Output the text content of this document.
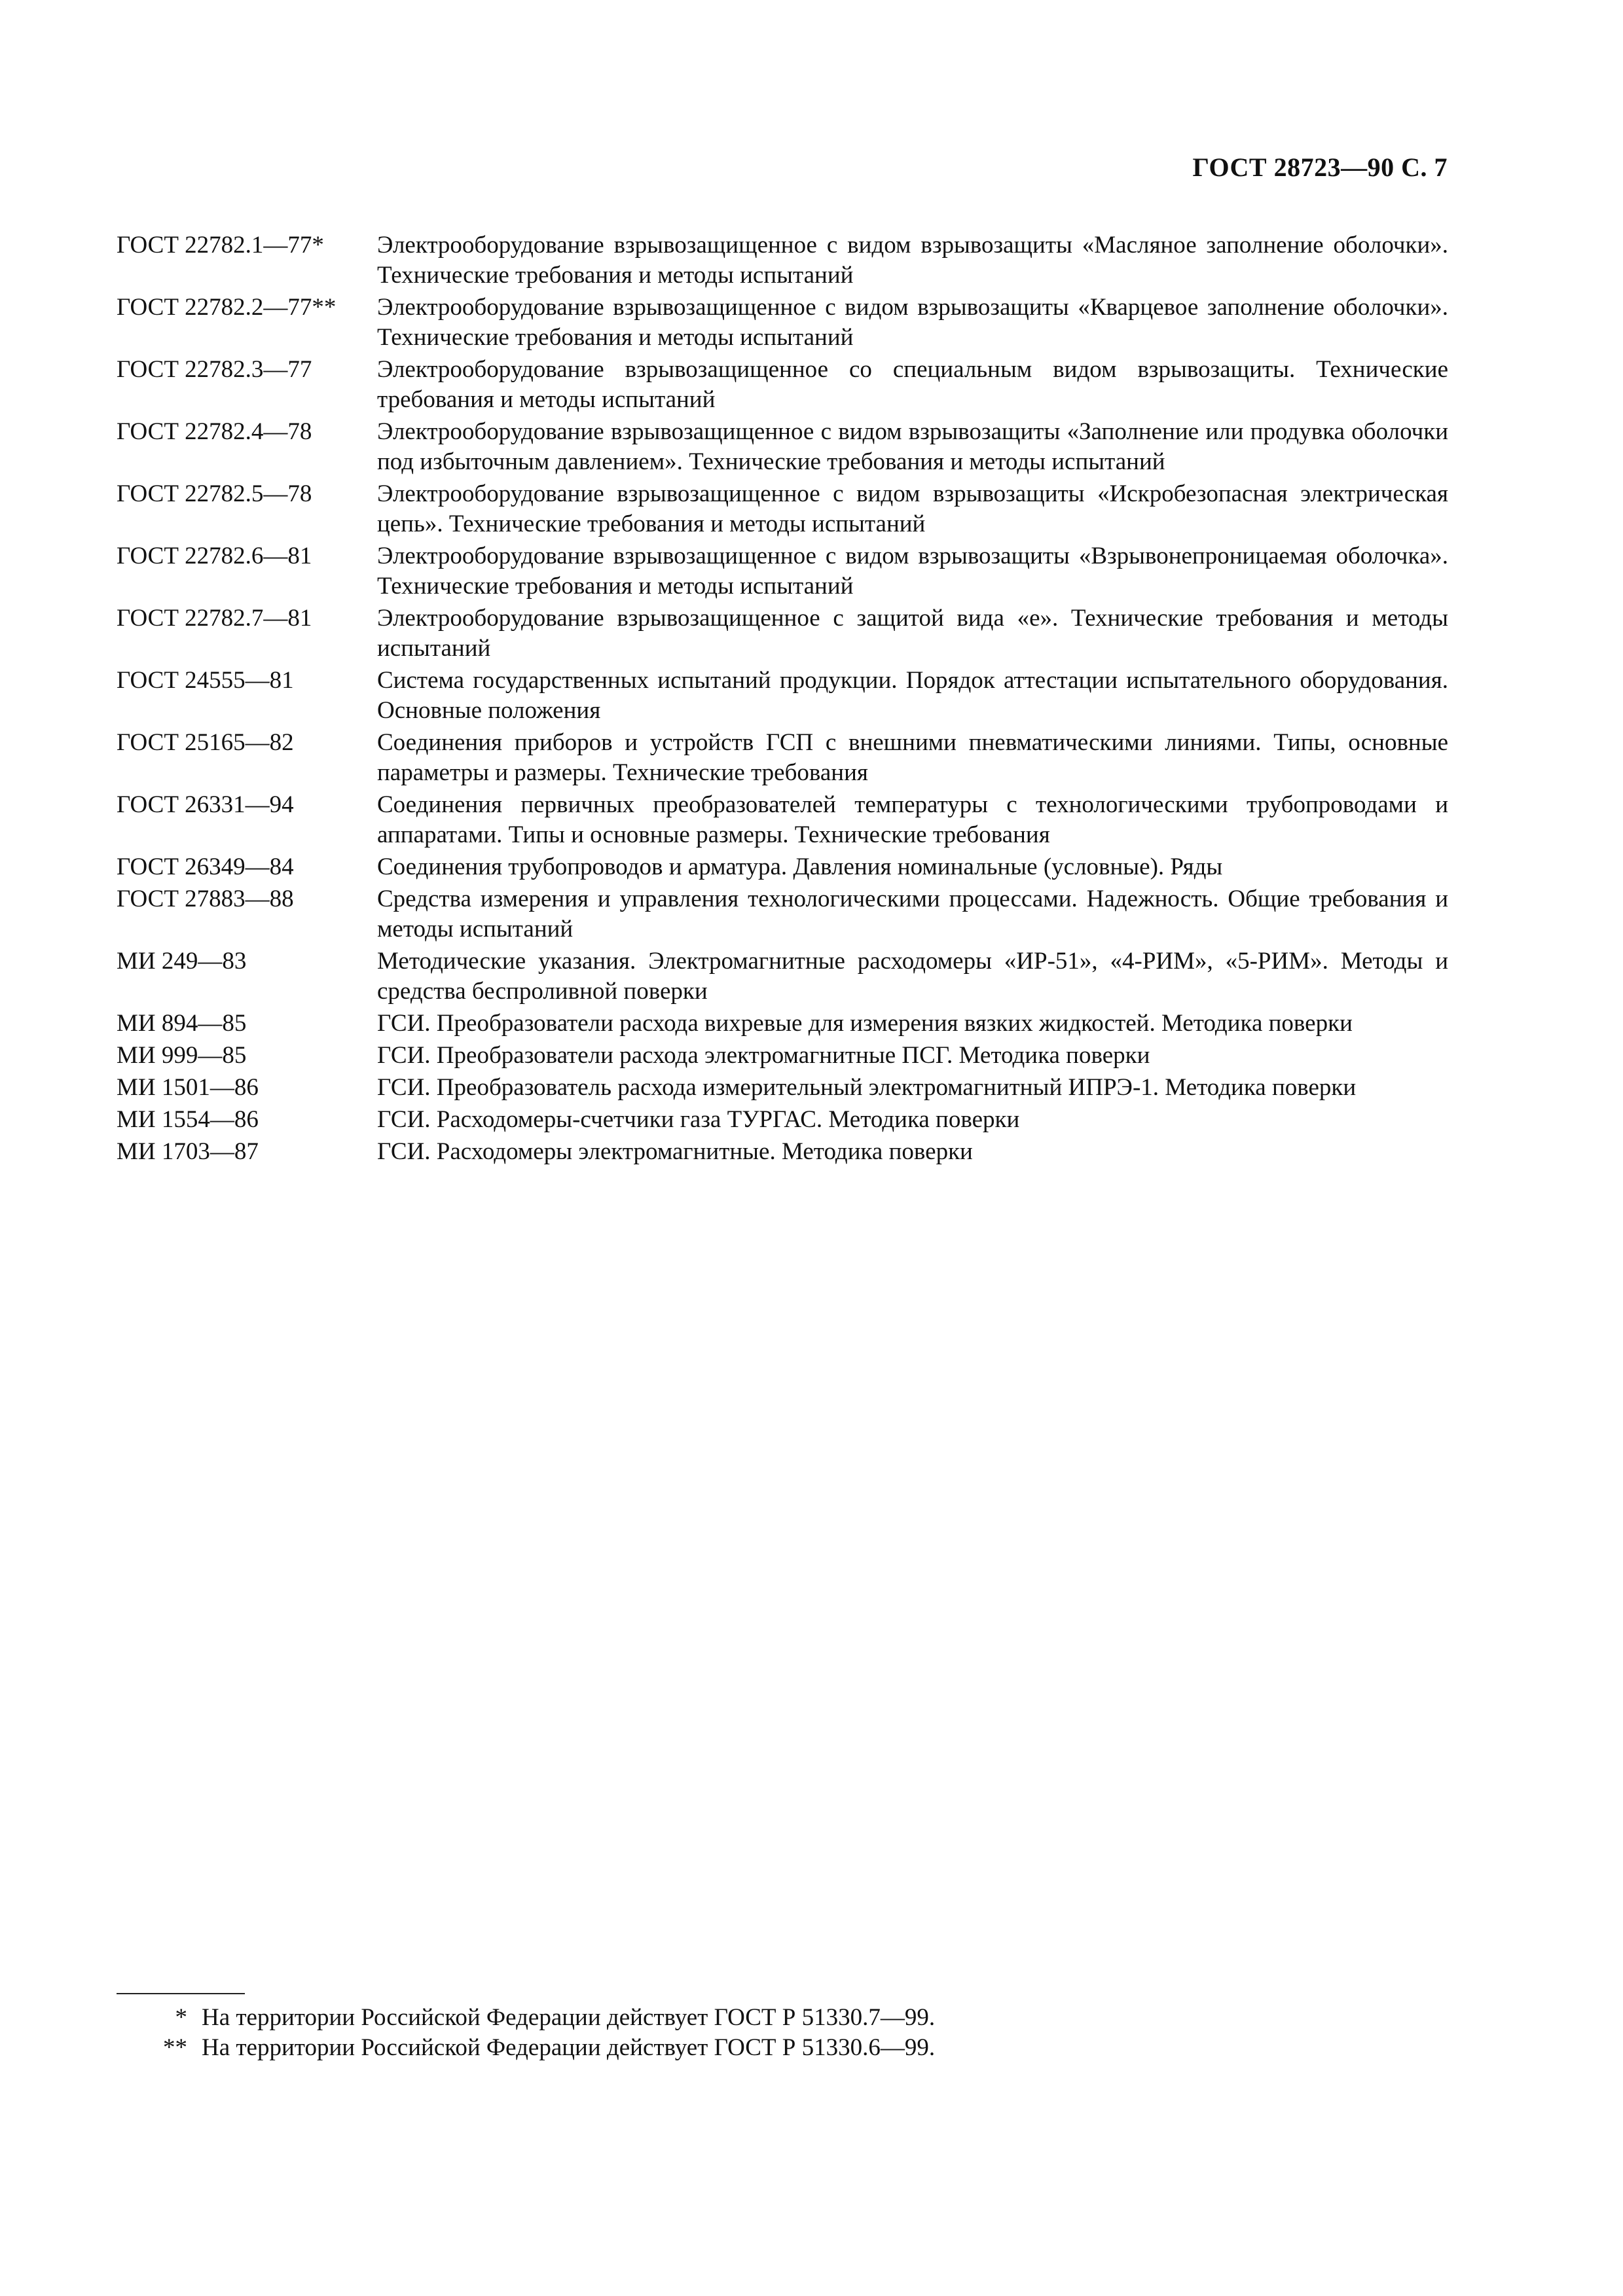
ГОСТ 28723—90 С. 7
ГОСТ 22782.1—77*	Электрооборудование взрывозащищенное с видом взрывозащиты «Масляное заполнение оболочки». Технические требования и методы испытаний
ГОСТ 22782.2—77**	Электрооборудование взрывозащищенное с видом взрывозащиты «Кварцевое заполнение оболочки». Технические требования и методы испытаний
ГОСТ 22782.3—77	Электрооборудование взрывозащищенное со специальным видом взрывозащиты. Технические требования и методы испытаний
ГОСТ 22782.4—78	Электрооборудование взрывозащищенное с видом взрывозащиты «Заполнение или продувка оболочки под избыточным давлением». Технические требования и методы испытаний
ГОСТ 22782.5—78	Электрооборудование взрывозащищенное с видом взрывозащиты «Искробезопасная электрическая цепь». Технические требования и методы испытаний
ГОСТ 22782.6—81	Электрооборудование взрывозащищенное с видом взрывозащиты «Взрывонепроницаемая оболочка». Технические требования и методы испытаний
ГОСТ 22782.7—81	Электрооборудование взрывозащищенное с защитой вида «е». Технические требования и методы испытаний
ГОСТ 24555—81	Система государственных испытаний продукции. Порядок аттестации испытательного оборудования. Основные положения
ГОСТ 25165—82	Соединения приборов и устройств ГСП с внешними пневматическими линиями. Типы, основные параметры и размеры. Технические требования
ГОСТ 26331—94	Соединения первичных преобразователей температуры с технологическими трубопроводами и аппаратами. Типы и основные размеры. Технические требования
ГОСТ 26349—84	Соединения трубопроводов и арматура. Давления номинальные (условные). Ряды
ГОСТ 27883—88	Средства измерения и управления технологическими процессами. Надежность. Общие требования и методы испытаний
МИ 249—83	Методические указания. Электромагнитные расходомеры «ИР-51», «4-РИМ», «5-РИМ». Методы и средства беспроливной поверки
МИ 894—85	ГСИ. Преобразователи расхода вихревые для измерения вязких жидкостей. Методика поверки
МИ 999—85	ГСИ. Преобразователи расхода электромагнитные ПСГ. Методика поверки
МИ 1501—86	ГСИ. Преобразователь расхода измерительный электромагнитный ИПРЭ-1. Методика поверки
МИ 1554—86	ГСИ. Расходомеры-счетчики газа ТУРГАС. Методика поверки
МИ 1703—87	ГСИ. Расходомеры электромагнитные. Методика поверки
* На территории Российской Федерации действует ГОСТ Р 51330.7—99.
** На территории Российской Федерации действует ГОСТ Р 51330.6—99.
